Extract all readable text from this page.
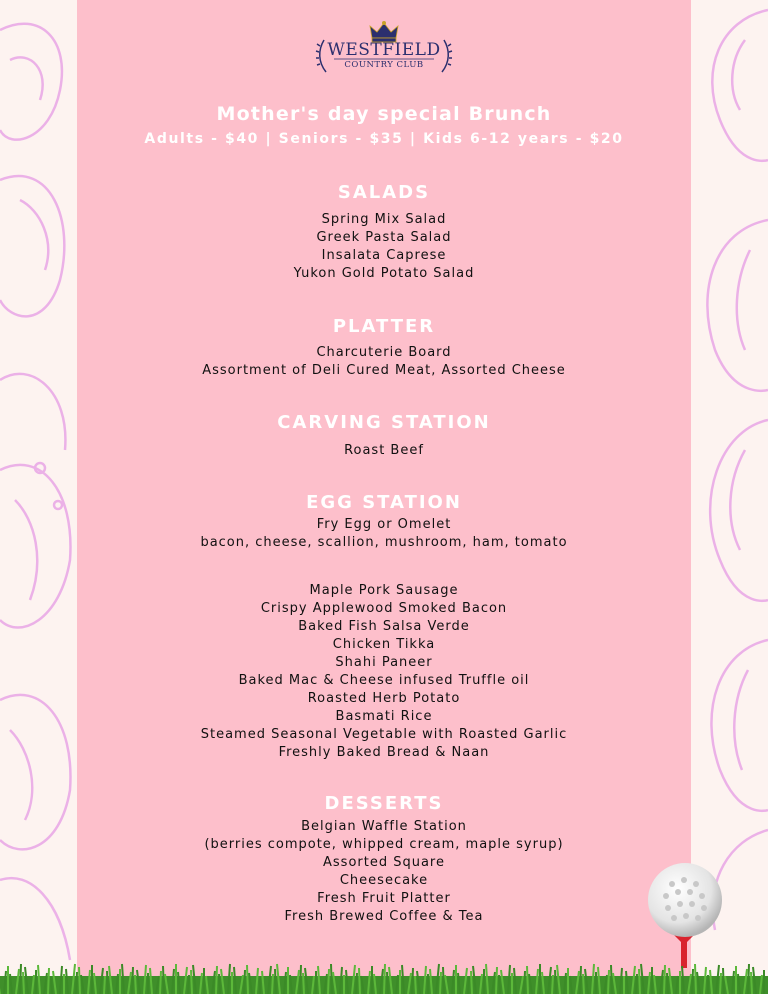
WESTFIELD
COUNTRY CLUB
Mother's day special Brunch
Adults - $40 | Seniors - $35 | Kids 6-12 years - $20
SALADS
Spring Mix Salad
Greek Pasta Salad
Insalata Caprese
Yukon Gold Potato Salad
PLATTER
Charcuterie Board
Assortment of Deli Cured Meat, Assorted Cheese
CARVING STATION
Roast Beef
EGG STATION
Fry Egg or Omelet
bacon, cheese, scallion, mushroom, ham, tomato
Maple Pork Sausage
Crispy Applewood Smoked Bacon
Baked Fish Salsa Verde
Chicken Tikka
Shahi Paneer
Baked Mac & Cheese infused Truffle oil
Roasted Herb Potato
Basmati Rice
Steamed Seasonal Vegetable with Roasted Garlic
Freshly Baked Bread & Naan
DESSERTS
Belgian Waffle Station
(berries compote, whipped cream, maple syrup)
Assorted Square
Cheesecake
Fresh Fruit Platter
Fresh Brewed Coffee & Tea
